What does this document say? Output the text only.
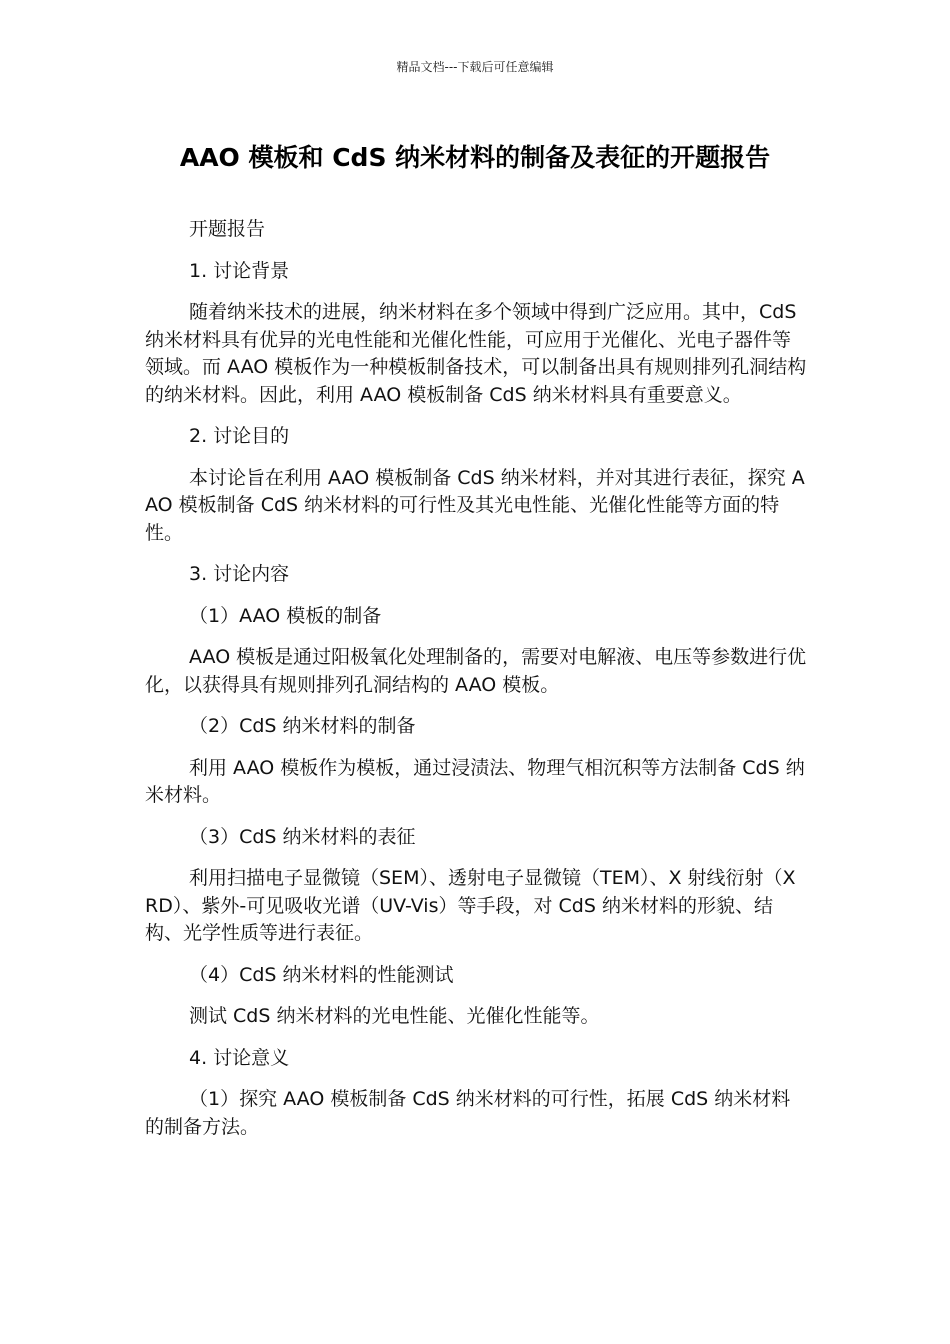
精品文档---下载后可任意编辑
AAO 模板和 CdS 纳米材料的制备及表征的开题报告

开题报告

1. 讨论背景

随着纳米技术的进展，纳米材料在多个领域中得到广泛应用。其中，CdS 纳米材料具有优异的光电性能和光催化性能，可应用于光催化、光电子器件等领域。而 AAO 模板作为一种模板制备技术，可以制备出具有规则排列孔洞结构的纳米材料。因此，利用 AAO 模板制备 CdS 纳米材料具有重要意义。

2. 讨论目的

本讨论旨在利用 AAO 模板制备 CdS 纳米材料，并对其进行表征，探究 AAO 模板制备 CdS 纳米材料的可行性及其光电性能、光催化性能等方面的特性。

3. 讨论内容

（1）AAO 模板的制备

AAO 模板是通过阳极氧化处理制备的，需要对电解液、电压等参数进行优化，以获得具有规则排列孔洞结构的 AAO 模板。

（2）CdS 纳米材料的制备

利用 AAO 模板作为模板，通过浸渍法、物理气相沉积等方法制备 CdS 纳米材料。

（3）CdS 纳米材料的表征

利用扫描电子显微镜（SEM）、透射电子显微镜（TEM）、X 射线衍射（XRD）、紫外-可见吸收光谱（UV-Vis）等手段，对 CdS 纳米材料的形貌、结构、光学性质等进行表征。

（4）CdS 纳米材料的性能测试

测试 CdS 纳米材料的光电性能、光催化性能等。

4. 讨论意义

（1）探究 AAO 模板制备 CdS 纳米材料的可行性，拓展 CdS 纳米材料的制备方法。
